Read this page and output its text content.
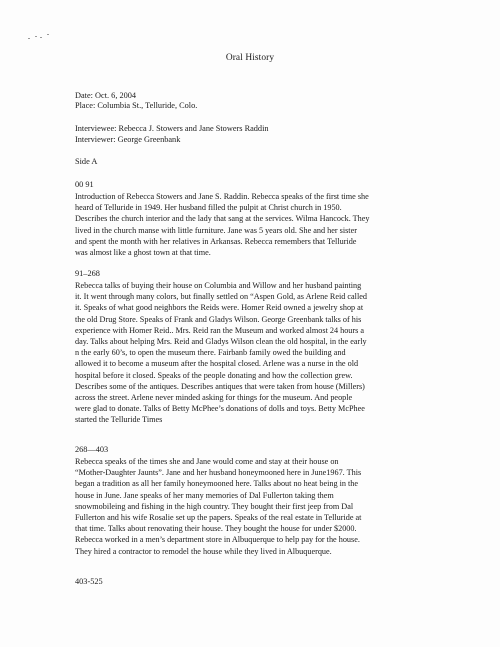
Oral History
Date: Oct. 6, 2004
Place: Columbia St., Telluride, Colo.
Interviewee: Rebecca J. Stowers and Jane Stowers Raddin
Interviewer: George Greenbank
Side A
00 91
Introduction of Rebecca Stowers and Jane S. Raddin. Rebecca speaks of the first time she
heard of Telluride in 1949. Her husband filled the pulpit at Christ church in 1950.
Describes the church interior and the lady that sang at the services. Wilma Hancock. They
lived in the church manse with little furniture. Jane was 5 years old. She and her sister
and spent the month with her relatives in Arkansas. Rebecca remembers that Telluride
was almost like a ghost town at that time.
91–268
Rebecca talks of buying their house on Columbia and Willow and her husband painting
it. It went through many colors, but finally settled on “Aspen Gold, as Arlene Reid called
it. Speaks of what good neighbors the Reids were. Homer Reid owned a jewelry shop at
the old Drug Store. Speaks of Frank and Gladys Wilson. George Greenbank talks of his
experience with Homer Reid.. Mrs. Reid ran the Museum and worked almost 24 hours a
day. Talks about helping Mrs. Reid and Gladys Wilson clean the old hospital, in the early
n the early 60’s, to open the museum there. Fairbanb family owed the building and
allowed it to become a museum after the hospital closed. Arlene was a nurse in the old
hospital before it closed. Speaks of the people donating and how the collection grew.
Describes some of the antiques. Describes antiques that were taken from house (Millers)
across the street. Arlene never minded asking for things for the museum. And people
were glad to donate. Talks of Betty McPhee’s donations of dolls and toys. Betty McPhee
started the Telluride Times
268—403
Rebecca speaks of the times she and Jane would come and stay at their house on
“Mother-Daughter Jaunts”. Jane and her husband honeymooned here in June1967. This
began a tradition as all her family honeymooned here. Talks about no heat being in the
house in June. Jane speaks of her many memories of Dal Fullerton taking them
snowmobileing and fishing in the high country. They bought their first jeep from Dal
Fullerton and his wife Rosalie set up the papers. Speaks of the real estate in Telluride at
that time. Talks about renovating their house. They bought the house for under $2000.
Rebecca worked in a men’s department store in Albuquerque to help pay for the house.
They hired a contractor to remodel the house while they lived in Albuquerque.
403-525
